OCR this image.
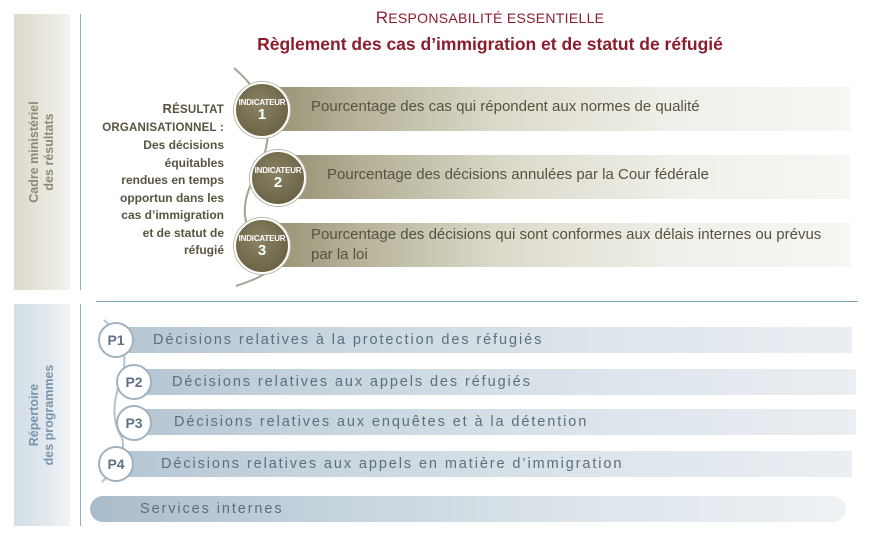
Cadre ministériel des résultats
Répertoire des programmes
RESPONSABILITÉ ESSENTIELLE
Règlement des cas d’immigration et de statut de réfugié
RÉSULTAT
ORGANISATIONNEL :
Des décisions
équitables
rendues en temps
opportun dans les
cas d’immigration
et de statut de
réfugié
Pourcentage des cas qui répondent aux normes de qualité
Pourcentage des décisions annulées par la Cour fédérale
Pourcentage des décisions qui sont conformes aux délais internes ou prévus par la loi
INDICATEUR
1
INDICATEUR
2
INDICATEUR
3
Décisions relatives à la protection des réfugiés
Décisions relatives aux appels des réfugiés
Décisions relatives aux enquêtes et à la détention
Décisions relatives aux appels en matière d’immigration
P1
P2
P3
P4
Services internes
